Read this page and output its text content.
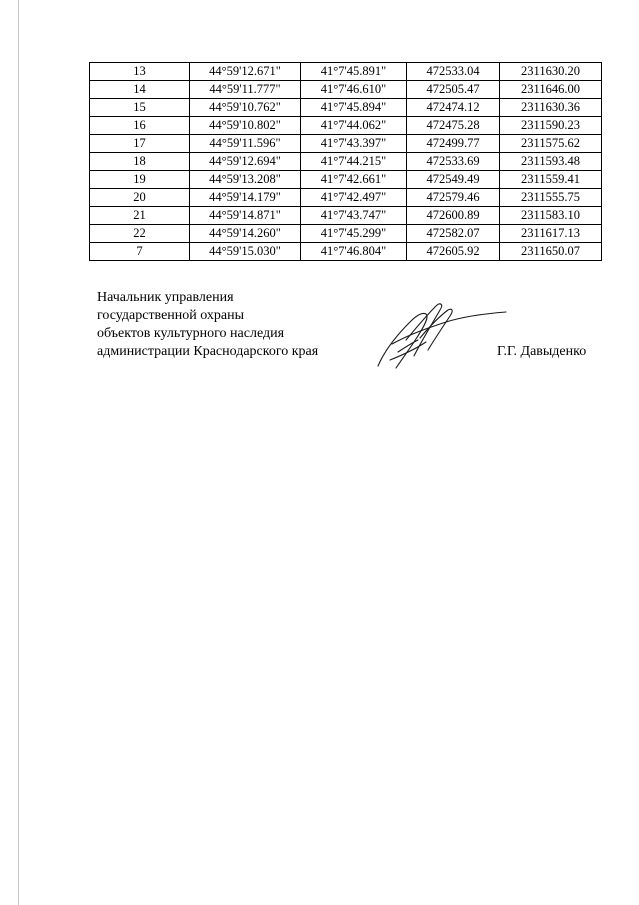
13	44°59'12.671"	41°7'45.891"	472533.04	2311630.20
14	44°59'11.777"	41°7'46.610"	472505.47	2311646.00
15	44°59'10.762"	41°7'45.894"	472474.12	2311630.36
16	44°59'10.802"	41°7'44.062"	472475.28	2311590.23
17	44°59'11.596"	41°7'43.397"	472499.77	2311575.62
18	44°59'12.694"	41°7'44.215"	472533.69	2311593.48
19	44°59'13.208"	41°7'42.661"	472549.49	2311559.41
20	44°59'14.179"	41°7'42.497"	472579.46	2311555.75
21	44°59'14.871"	41°7'43.747"	472600.89	2311583.10
22	44°59'14.260"	41°7'45.299"	472582.07	2311617.13
7	44°59'15.030"	41°7'46.804"	472605.92	2311650.07
Начальник управления
государственной охраны
объектов культурного наследия
администрации Краснодарского края	Г.Г. Давыденко
